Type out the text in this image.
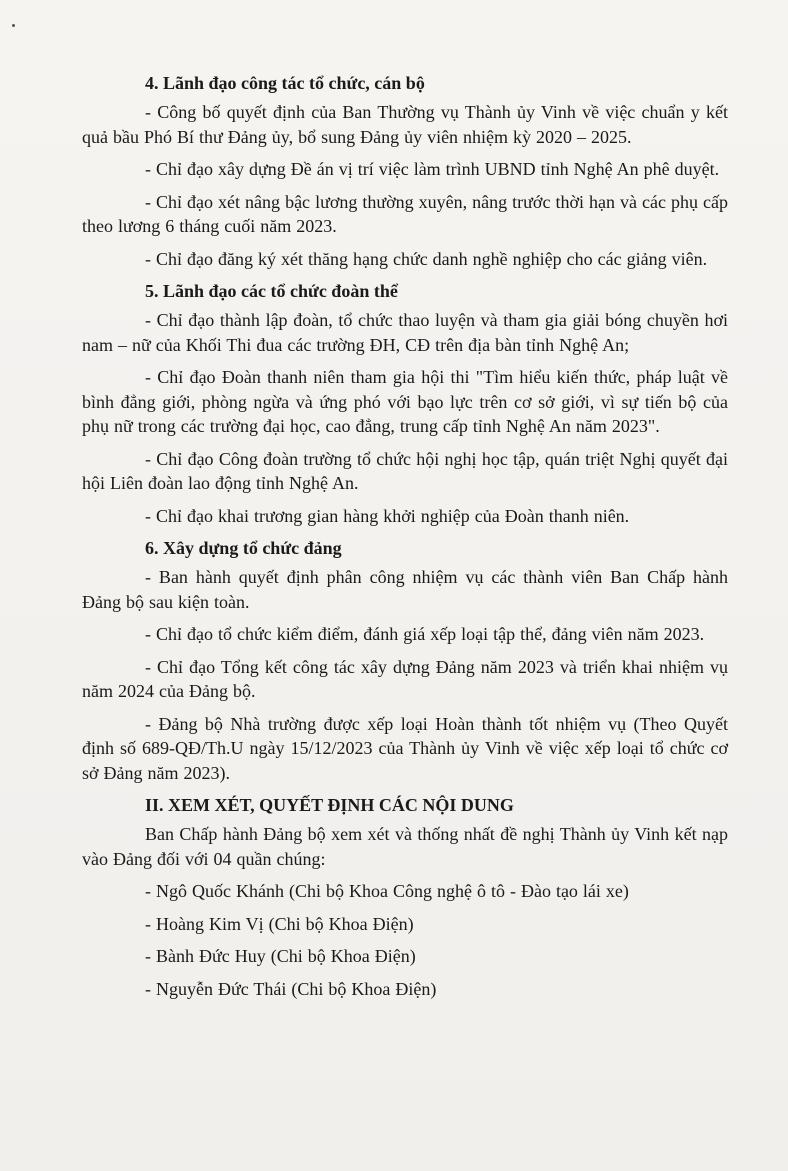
4. Lãnh đạo công tác tổ chức, cán bộ

- Công bố quyết định của Ban Thường vụ Thành ủy Vinh về việc chuẩn y kết quả bầu Phó Bí thư Đảng ủy, bổ sung Đảng ủy viên nhiệm kỳ 2020 – 2025.

- Chỉ đạo xây dựng Đề án vị trí việc làm trình UBND tỉnh Nghệ An phê duyệt.

- Chỉ đạo xét nâng bậc lương thường xuyên, nâng trước thời hạn và các phụ cấp theo lương 6 tháng cuối năm 2023.

- Chỉ đạo đăng ký xét thăng hạng chức danh nghề nghiệp cho các giảng viên.

5. Lãnh đạo các tổ chức đoàn thể

- Chỉ đạo thành lập đoàn, tổ chức thao luyện và tham gia giải bóng chuyền hơi nam – nữ của Khối Thi đua các trường ĐH, CĐ trên địa bàn tỉnh Nghệ An;

- Chỉ đạo Đoàn thanh niên tham gia hội thi "Tìm hiểu kiến thức, pháp luật về bình đẳng giới, phòng ngừa và ứng phó với bạo lực trên cơ sở giới, vì sự tiến bộ của phụ nữ trong các trường đại học, cao đẳng, trung cấp tỉnh Nghệ An năm 2023".

- Chỉ đạo Công đoàn trường tổ chức hội nghị học tập, quán triệt Nghị quyết đại hội Liên đoàn lao động tỉnh Nghệ An.

- Chỉ đạo khai trương gian hàng khởi nghiệp của Đoàn thanh niên.

6. Xây dựng tổ chức đảng

- Ban hành quyết định phân công nhiệm vụ các thành viên Ban Chấp hành Đảng bộ sau kiện toàn.

- Chỉ đạo tổ chức kiểm điểm, đánh giá xếp loại tập thể, đảng viên năm 2023.

- Chỉ đạo Tổng kết công tác xây dựng Đảng năm 2023 và triển khai nhiệm vụ năm 2024 của Đảng bộ.

- Đảng bộ Nhà trường được xếp loại Hoàn thành tốt nhiệm vụ (Theo Quyết định số 689-QĐ/Th.U ngày 15/12/2023 của Thành ủy Vinh về việc xếp loại tổ chức cơ sở Đảng năm 2023).

II. XEM XÉT, QUYẾT ĐỊNH CÁC NỘI DUNG

Ban Chấp hành Đảng bộ xem xét và thống nhất đề nghị Thành ủy Vinh kết nạp vào Đảng đối với 04 quần chúng:

- Ngô Quốc Khánh (Chi bộ Khoa Công nghệ ô tô - Đào tạo lái xe)

- Hoàng Kim Vị (Chi bộ Khoa Điện)

- Bành Đức Huy (Chi bộ Khoa Điện)

- Nguyễn Đức Thái (Chi bộ Khoa Điện)
